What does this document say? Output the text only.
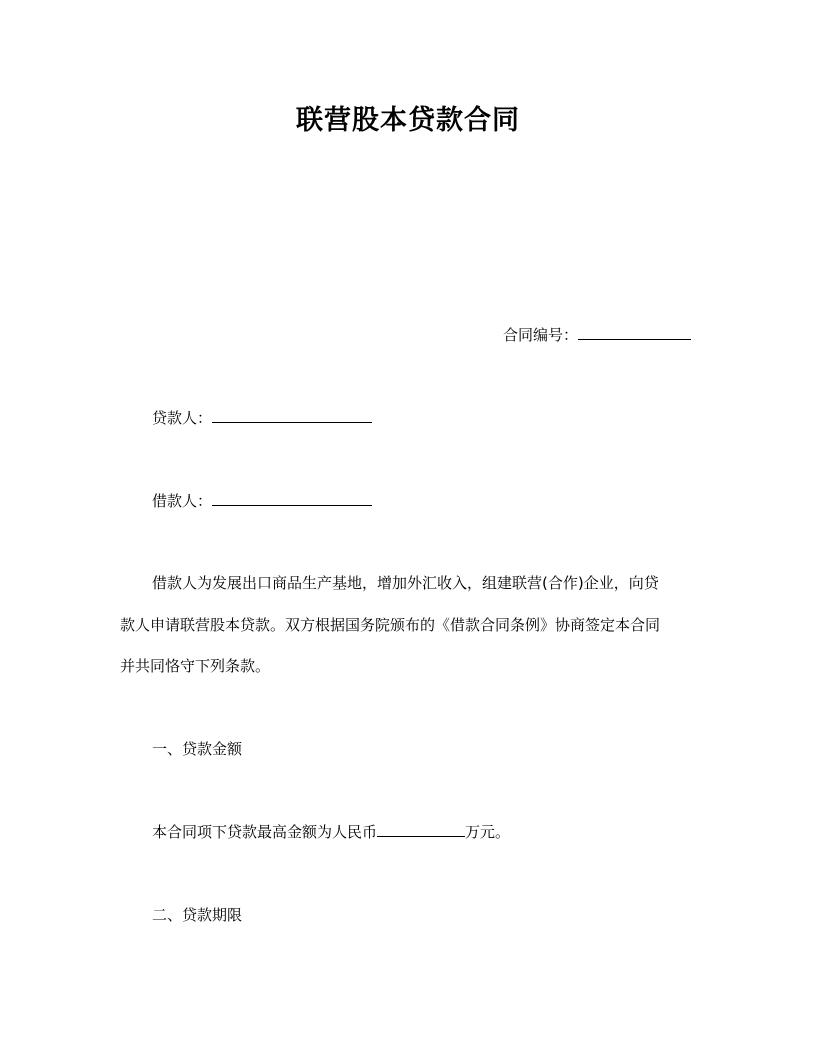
联营股本贷款合同
合同编号：
贷款人：
借款人：
借款人为发展出口商品生产基地，增加外汇收入，组建联营(合作)企业，向贷
款人申请联营股本贷款。双方根据国务院颁布的《借款合同条例》协商签定本合同
并共同恪守下列条款。
一、贷款金额
本合同项下贷款最高金额为人民币	万元。
二、贷款期限
